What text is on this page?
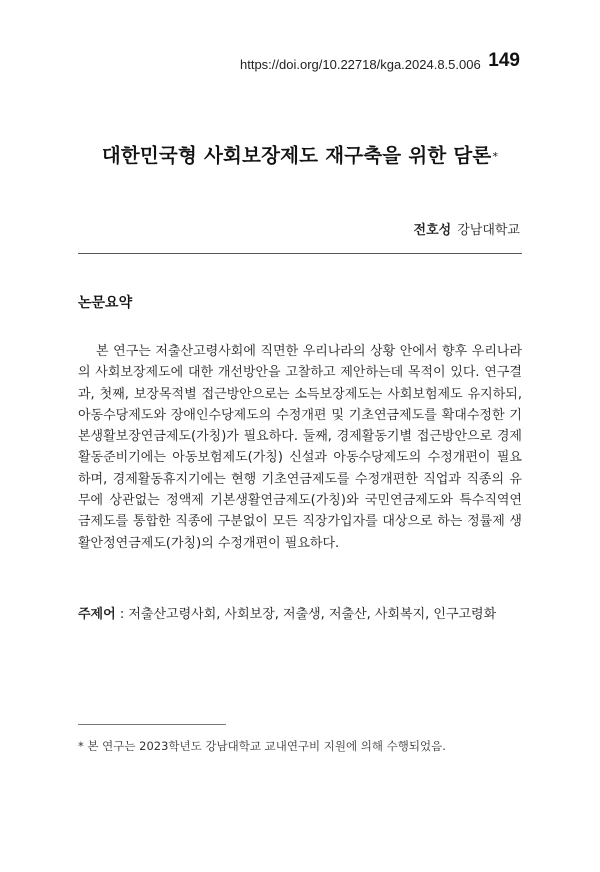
https://doi.org/10.22718/kga.2024.8.5.006 149
대한민국형 사회보장제도 재구축을 위한 담론*
전호성 강남대학교
논문요약

본 연구는 저출산고령사회에 직면한 우리나라의 상황 안에서 향후 우리나라의 사회보장제도에 대한 개선방안을 고찰하고 제안하는데 목적이 있다. 연구결과, 첫째, 보장목적별 접근방안으로는 소득보장제도는 사회보험제도 유지하되, 아동수당제도와 장애인수당제도의 수정개편 및 기초연금제도를 확대수정한 기본생활보장연금제도(가칭)가 필요하다. 둘째, 경제활동기별 접근방안으로 경제활동준비기에는 아동보험제도(가칭) 신설과 아동수당제도의 수정개편이 필요하며, 경제활동휴지기에는 현행 기초연금제도를 수정개편한 직업과 직종의 유무에 상관없는 정액제 기본생활연금제도(가칭)와 국민연금제도와 특수직역연금제도를 통합한 직종에 구분없이 모든 직장가입자를 대상으로 하는 정률제 생활안정연금제도(가칭)의 수정개편이 필요하다.

주제어 : 저출산고령사회, 사회보장, 저출생, 저출산, 사회복지, 인구고령화
* 본 연구는 2023학년도 강남대학교 교내연구비 지원에 의해 수행되었음.
